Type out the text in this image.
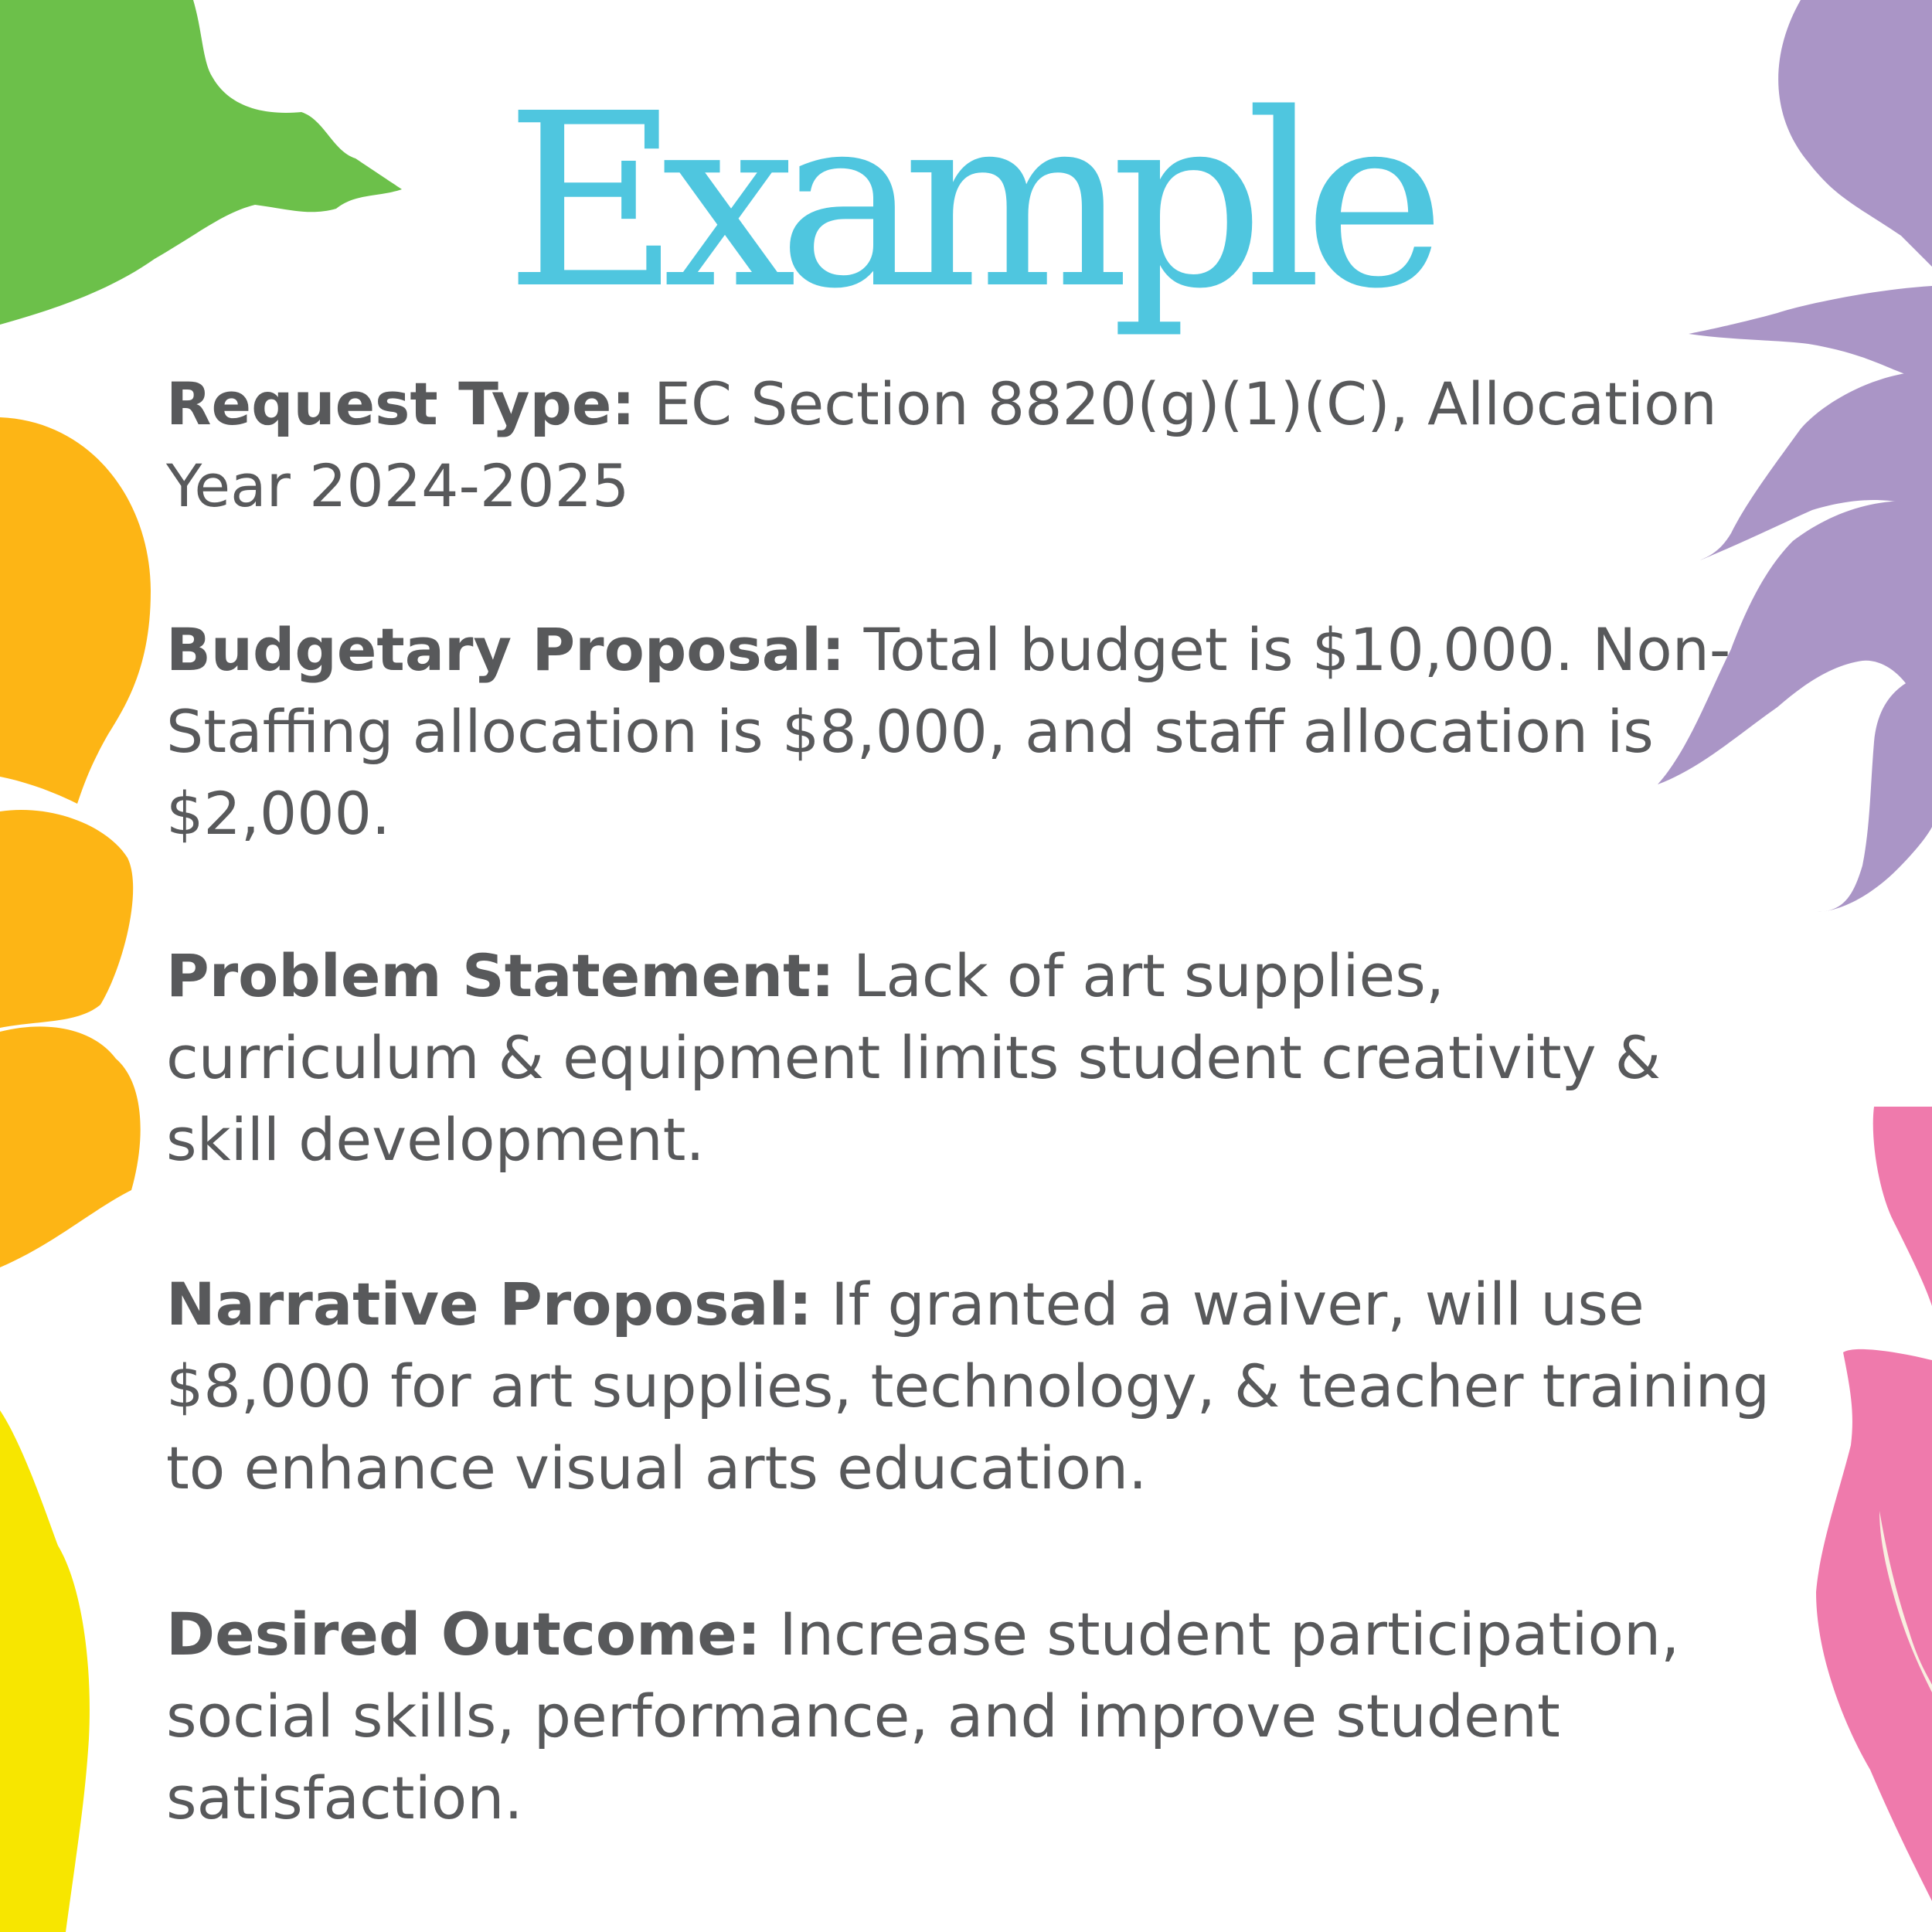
Example

Request Type: EC Section 8820(g)(1)(C), Allocation Year 2024-2025

Budgetary Proposal: Total budget is $10,000. Non-Staffing allocation is $8,000, and staff allocation is $2,000.

Problem Statement: Lack of art supplies, curriculum & equipment limits student creativity & skill development.

Narrative Proposal: If granted a waiver, will use $8,000 for art supplies, technology, & teacher training to enhance visual arts education.

Desired Outcome: Increase student participation, social skills, performance, and improve student satisfaction.
